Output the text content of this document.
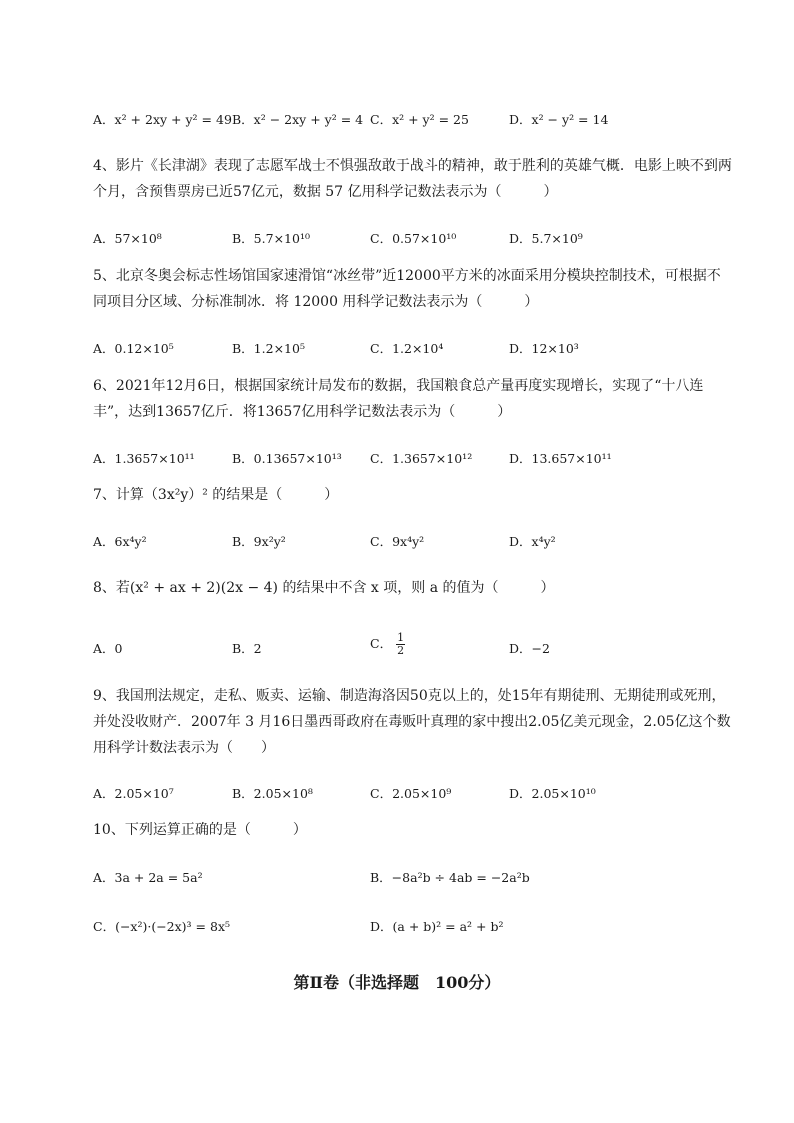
A．x² + 2xy + y² = 49 B．x² − 2xy + y² = 4 C．x² + y² = 25	D．x² − y² = 14
4、影片《长津湖》表现了志愿军战士不惧强敌敢于战斗的精神，敢于胜利的英雄气概．电影上映不到两个月，含预售票房已近57亿元，数据 57 亿用科学记数法表示为（　　　）
A．57×10⁸	B．5.7×10¹⁰	C．0.57×10¹⁰	D．5.7×10⁹
5、北京冬奥会标志性场馆国家速滑馆“冰丝带”近12000平方米的冰面采用分模块控制技术，可根据不同项目分区域、分标准制冰．将 12000 用科学记数法表示为（　　　）
A．0.12×10⁵	B．1.2×10⁵	C．1.2×10⁴	D．12×10³
6、2021年12月6日，根据国家统计局发布的数据，我国粮食总产量再度实现增长，实现了“十八连丰”，达到13657亿斤．将13657亿用科学记数法表示为（　　　）
A．1.3657×10¹¹	B．0.13657×10¹³ C．1.3657×10¹²	D．13.657×10¹¹
7、计算（3x²y）² 的结果是（　　　）
A．6x⁴y²	B．9x²y²	C．9x⁴y²	D．x⁴y²
8、若(x² + ax + 2)(2x − 4) 的结果中不含 x 项，则 a 的值为（　　　）
A．0	B．2	C． $\frac{1}{2}$	D．−2
9、我国刑法规定，走私、贩卖、运输、制造海洛因50克以上的，处15年有期徒刑、无期徒刑或死刑，并处没收财产．2007年 3 月16日墨西哥政府在毒贩叶真理的家中搜出2.05亿美元现金，2.05亿这个数用科学计数法表示为（　　）
A．2.05×10⁷	B．2.05×10⁸	C．2.05×10⁹	D．2.05×10¹⁰
10、下列运算正确的是（　　　）
A．3a + 2a = 5a²	B．−8a²b ÷ 4ab = −2a²b
C．(−x²)·(−2x)³ = 8x⁵	D．(a + b)² = a² + b²
第Ⅱ卷（非选择题　100分）
